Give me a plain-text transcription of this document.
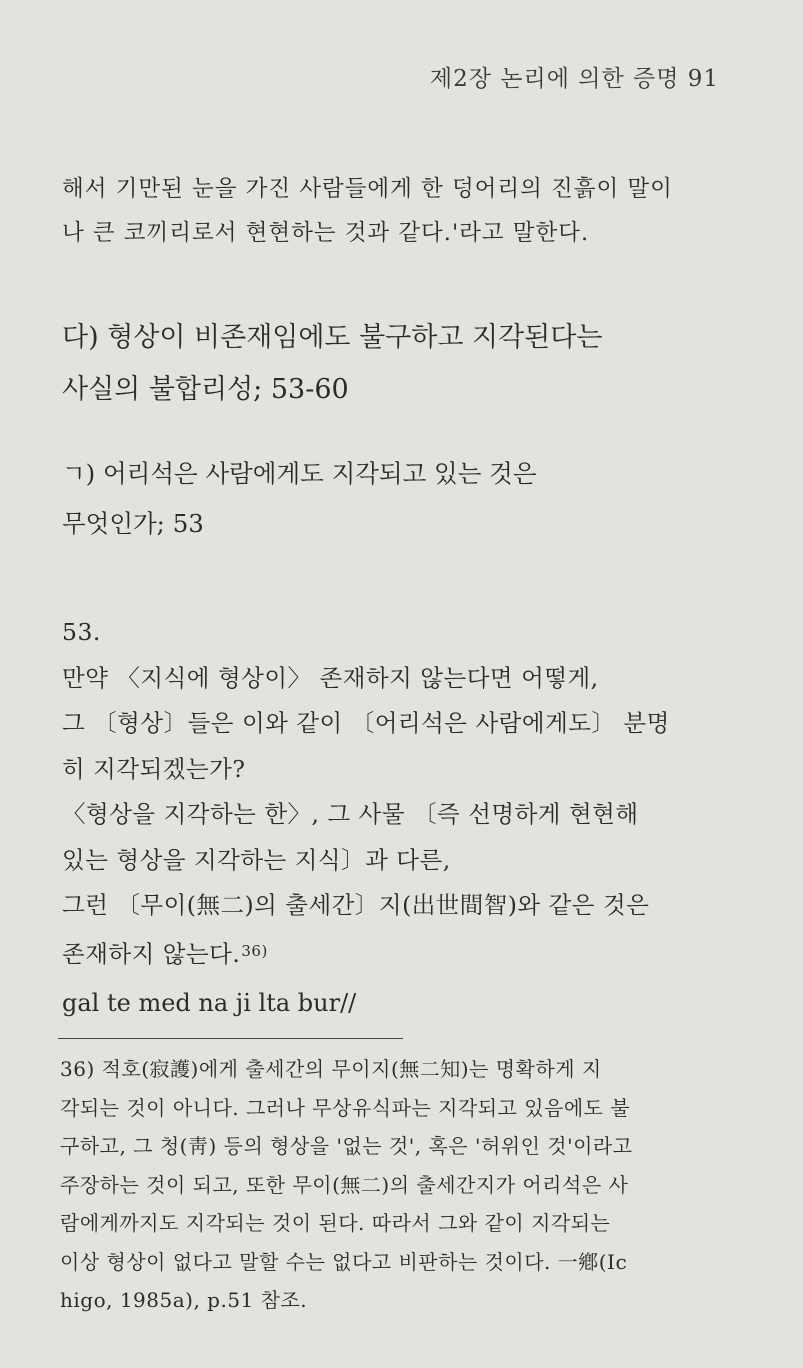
제2장 논리에 의한 증명 91
해서 기만된 눈을 가진 사람들에게 한 덩어리의 진흙이 말이
나 큰 코끼리로서 현현하는 것과 같다.'라고 말한다.
다) 형상이 비존재임에도 불구하고 지각된다는
사실의 불합리성; 53-60
ㄱ) 어리석은 사람에게도 지각되고 있는 것은
무엇인가; 53
53.
만약 〈지식에 형상이〉 존재하지 않는다면 어떻게,
그 〔형상〕들은 이와 같이 〔어리석은 사람에게도〕 분명
히 지각되겠는가?
〈형상을 지각하는 한〉, 그 사물 〔즉 선명하게 현현해
있는 형상을 지각하는 지식〕과 다른,
그런 〔무이(無二)의 출세간〕지(出世間智)와 같은 것은
존재하지 않는다.$^{36)}$
gal te med na ji lta bur//
36) 적호(寂護)에게 출세간의 무이지(無二知)는 명확하게 지
각되는 것이 아니다. 그러나 무상유식파는 지각되고 있음에도 불
구하고, 그 청(靑) 등의 형상을 '없는 것', 혹은 '허위인 것'이라고
주장하는 것이 되고, 또한 무이(無二)의 출세간지가 어리석은 사
람에게까지도 지각되는 것이 된다. 따라서 그와 같이 지각되는
이상 형상이 없다고 말할 수는 없다고 비판하는 것이다. 一鄕(Ic
higo, 1985a), p.51 참조.
